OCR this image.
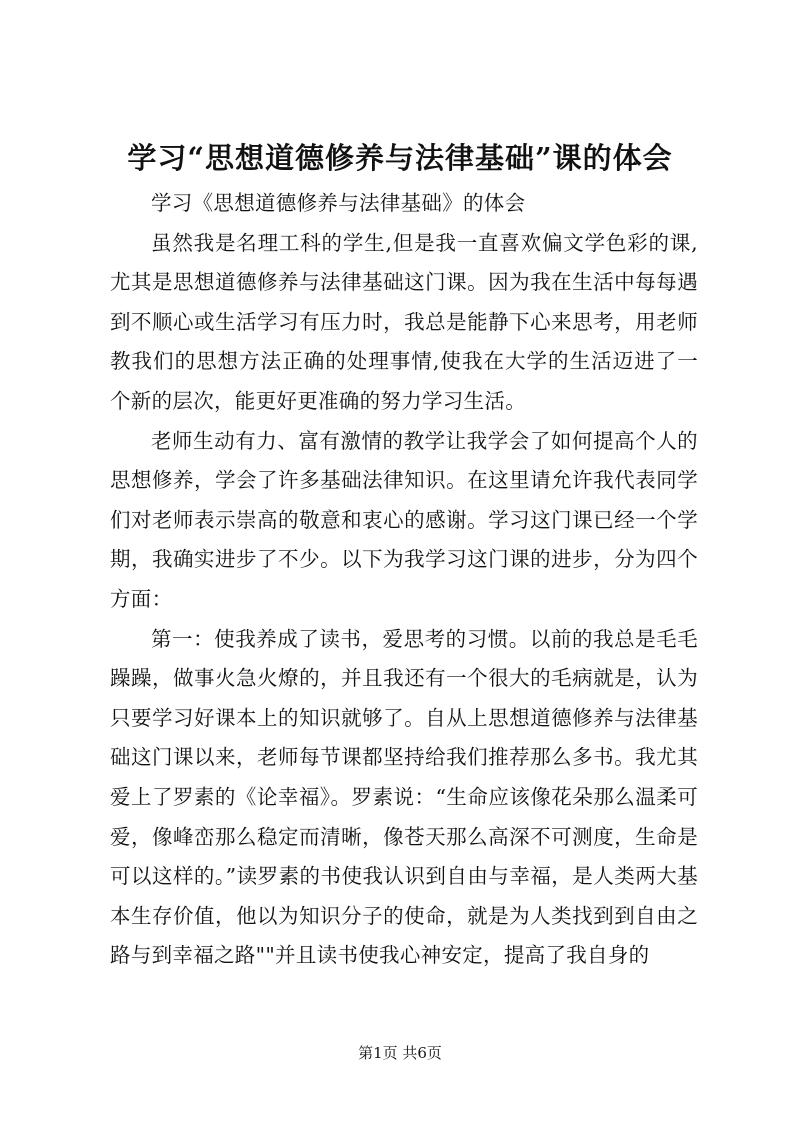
学习“思想道德修养与法律基础”课的体会

学习《思想道德修养与法律基础》的体会

虽然我是名理工科的学生,但是我一直喜欢偏文学色彩的课,尤其是思想道德修养与法律基础这门课。因为我在生活中每每遇到不顺心或生活学习有压力时，我总是能静下心来思考，用老师教我们的思想方法正确的处理事情,使我在大学的生活迈进了一个新的层次，能更好更准确的努力学习生活。

老师生动有力、富有激情的教学让我学会了如何提高个人的思想修养，学会了许多基础法律知识。在这里请允许我代表同学们对老师表示崇高的敬意和衷心的感谢。学习这门课已经一个学期，我确实进步了不少。以下为我学习这门课的进步，分为四个方面：

第一：使我养成了读书，爱思考的习惯。以前的我总是毛毛躁躁，做事火急火燎的，并且我还有一个很大的毛病就是，认为只要学习好课本上的知识就够了。自从上思想道德修养与法律基础这门课以来，老师每节课都坚持给我们推荐那么多书。我尤其爱上了罗素的《论幸福》。罗素说：“生命应该像花朵那么温柔可爱，像峰峦那么稳定而清晰，像苍天那么高深不可测度，生命是可以这样的。”读罗素的书使我认识到自由与幸福，是人类两大基本生存价值，他以为知识分子的使命，就是为人类找到到自由之路与到幸福之路""并且读书使我心神安定，提高了我自身的

第1页 共6页
